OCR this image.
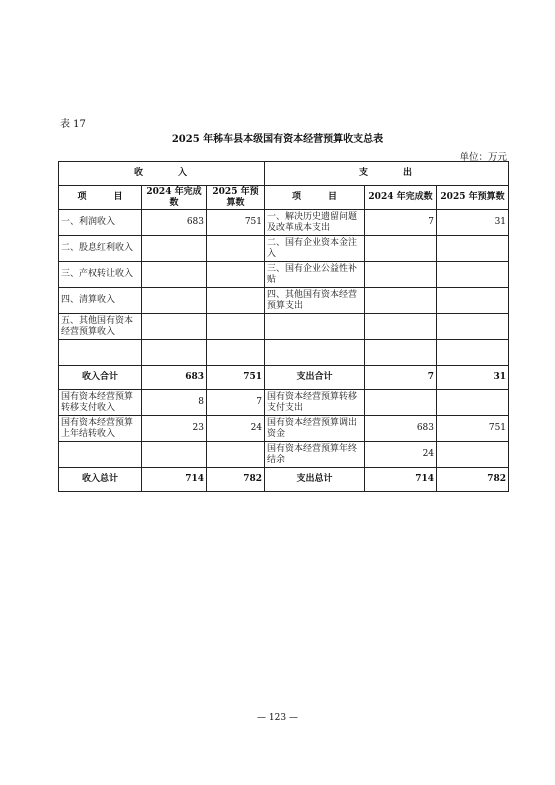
表 17
2025 年秭车县本级国有资本经营预算收支总表
单位：万元
收　　　入			支　　　出		
项　　　目	2024 年完成数	2025 年预算数	项　　　目	2024 年完成数	2025 年预算数
一、利润收入	683	751	一、解决历史遗留问题及改革成本支出	7	31
二、股息红利收入			二、国有企业资本金注入		
三、产权转让收入			三、国有企业公益性补贴		
四、清算收入			四、其他国有资本经营预算支出		
五、其他国有资本经营预算收入					

收入合计	683	751	支出合计	7	31
国有资本经营预算转移支付收入	8	7	国有资本经营预算转移支付支出		
国有资本经营预算上年结转收入	23	24	国有资本经营预算调出资金	683	751
			国有资本经营预算年终结余	24	
收入总计	714	782	支出总计	714	782
— 123 —
